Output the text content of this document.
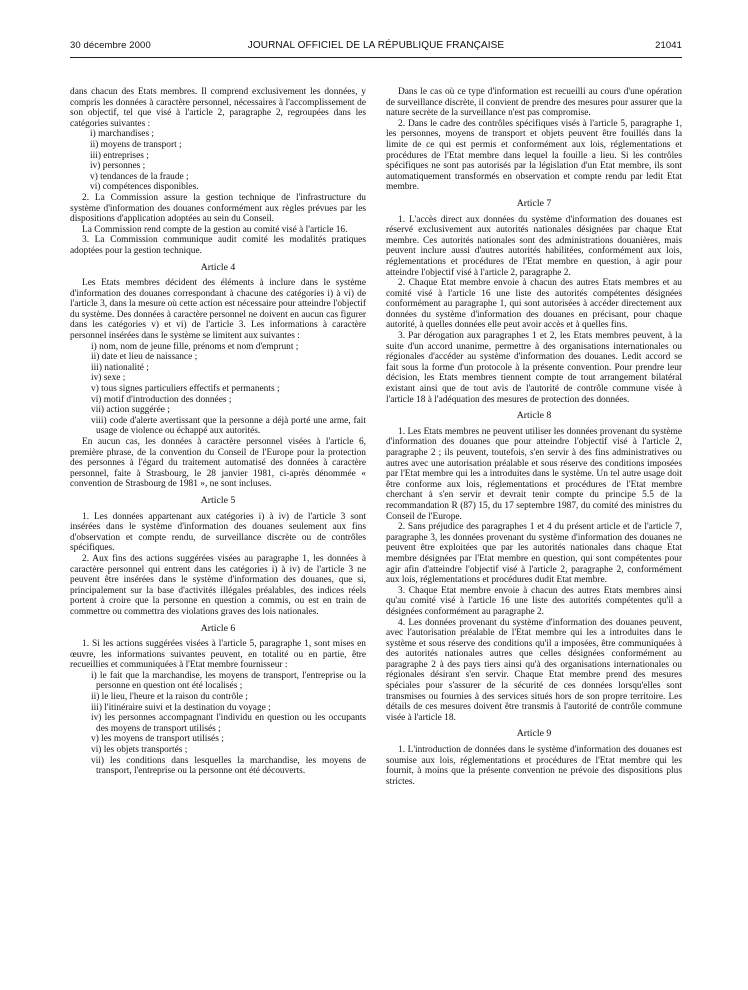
30 décembre 2000	JOURNAL OFFICIEL DE LA RÉPUBLIQUE FRANÇAISE	21041

dans chacun des Etats membres. Il comprend exclusivement les données, y compris les données à caractère personnel, nécessaires à l'accomplissement de son objectif, tel que visé à l'article 2, paragraphe 2, regroupées dans les catégories suivantes :

i) marchandises ;

ii) moyens de transport ;

iii) entreprises ;

iv) personnes ;

v) tendances de la fraude ;

vi) compétences disponibles.

2. La Commission assure la gestion technique de l'infrastructure du système d'information des douanes conformément aux règles prévues par les dispositions d'application adoptées au sein du Conseil.

La Commission rend compte de la gestion au comité visé à l'article 16.

3. La Commission communique audit comité les modalités pratiques adoptées pour la gestion technique.

Article 4

Les Etats membres décident des éléments à inclure dans le système d'information des douanes correspondant à chacune des catégories i) à vi) de l'article 3, dans la mesure où cette action est nécessaire pour atteindre l'objectif du système. Des données à caractère personnel ne doivent en aucun cas figurer dans les catégories v) et vi) de l'article 3. Les informations à caractère personnel insérées dans le système se limitent aux suivantes :

i) nom, nom de jeune fille, prénoms et nom d'emprunt ;

ii) date et lieu de naissance ;

iii) nationalité ;

iv) sexe ;

v) tous signes particuliers effectifs et permanents ;

vi) motif d'introduction des données ;

vii) action suggérée ;

viii) code d'alerte avertissant que la personne a déjà porté une arme, fait usage de violence ou échappé aux autorités.

En aucun cas, les données à caractère personnel visées à l'article 6, première phrase, de la convention du Conseil de l'Europe pour la protection des personnes à l'égard du traitement automatisé des données à caractère personnel, faite à Strasbourg, le 28 janvier 1981, ci-après dénommée « convention de Strasbourg de 1981 », ne sont incluses.

Article 5

1. Les données appartenant aux catégories i) à iv) de l'article 3 sont insérées dans le système d'information des douanes seulement aux fins d'observation et compte rendu, de surveillance discrète ou de contrôles spécifiques.

2. Aux fins des actions suggérées visées au paragraphe 1, les données à caractère personnel qui entrent dans les catégories i) à iv) de l'article 3 ne peuvent être insérées dans le système d'information des douanes, que si, principalement sur la base d'activités illégales préalables, des indices réels portent à croire que la personne en question a commis, ou est en train de commettre ou commettra des violations graves des lois nationales.

Article 6

1. Si les actions suggérées visées à l'article 5, paragraphe 1, sont mises en œuvre, les informations suivantes peuvent, en totalité ou en partie, être recueillies et communiquées à l'Etat membre fournisseur :

i) le fait que la marchandise, les moyens de transport, l'entreprise ou la personne en question ont été localisés ;

ii) le lieu, l'heure et la raison du contrôle ;

iii) l'itinéraire suivi et la destination du voyage ;

iv) les personnes accompagnant l'individu en question ou les occupants des moyens de transport utilisés ;

v) les moyens de transport utilisés ;

vi) les objets transportés ;

vii) les conditions dans lesquelles la marchandise, les moyens de transport, l'entreprise ou la personne ont été découverts.

Dans le cas où ce type d'information est recueilli au cours d'une opération de surveillance discrète, il convient de prendre des mesures pour assurer que la nature secrète de la surveillance n'est pas compromise.

2. Dans le cadre des contrôles spécifiques visés à l'article 5, paragraphe 1, les personnes, moyens de transport et objets peuvent être fouillés dans la limite de ce qui est permis et conformément aux lois, réglementations et procédures de l'Etat membre dans lequel la fouille a lieu. Si les contrôles spécifiques ne sont pas autorisés par la législation d'un Etat membre, ils sont automatiquement transformés en observation et compte rendu par ledit Etat membre.

Article 7

1. L'accès direct aux données du système d'information des douanes est réservé exclusivement aux autorités nationales désignées par chaque Etat membre. Ces autorités nationales sont des administrations douanières, mais peuvent inclure aussi d'autres autorités habilitées, conformément aux lois, réglementations et procédures de l'Etat membre en question, à agir pour atteindre l'objectif visé à l'article 2, paragraphe 2.

2. Chaque Etat membre envoie à chacun des autres Etats membres et au comité visé à l'article 16 une liste des autorités compétentes désignées conformément au paragraphe 1, qui sont autorisées à accéder directement aux données du système d'information des douanes en précisant, pour chaque autorité, à quelles données elle peut avoir accès et à quelles fins.

3. Par dérogation aux paragraphes 1 et 2, les Etats membres peuvent, à la suite d'un accord unanime, permettre à des organisations internationales ou régionales d'accéder au système d'information des douanes. Ledit accord se fait sous la forme d'un protocole à la présente convention. Pour prendre leur décision, les Etats membres tiennent compte de tout arrangement bilatéral existant ainsi que de tout avis de l'autorité de contrôle commune visée à l'article 18 à l'adéquation des mesures de protection des données.

Article 8

1. Les Etats membres ne peuvent utiliser les données provenant du système d'information des douanes que pour atteindre l'objectif visé à l'article 2, paragraphe 2 ; ils peuvent, toutefois, s'en servir à des fins administratives ou autres avec une autorisation préalable et sous réserve des conditions imposées par l'Etat membre qui les a introduites dans le système. Un tel autre usage doit être conforme aux lois, réglementations et procédures de l'Etat membre cherchant à s'en servir et devrait tenir compte du principe 5.5 de la recommandation R (87) 15, du 17 septembre 1987, du comité des ministres du Conseil de l'Europe.

2. Sans préjudice des paragraphes 1 et 4 du présent article et de l'article 7, paragraphe 3, les données provenant du système d'information des douanes ne peuvent être exploitées que par les autorités nationales dans chaque Etat membre désignées par l'Etat membre en question, qui sont compétentes pour agir afin d'atteindre l'objectif visé à l'article 2, paragraphe 2, conformément aux lois, réglementations et procédures dudit Etat membre.

3. Chaque Etat membre envoie à chacun des autres Etats membres ainsi qu'au comité visé à l'article 16 une liste des autorités compétentes qu'il a désignées conformément au paragraphe 2.

4. Les données provenant du système d'information des douanes peuvent, avec l'autorisation préalable de l'Etat membre qui les a introduites dans le système et sous réserve des conditions qu'il a imposées, être communiquées à des autorités nationales autres que celles désignées conformément au paragraphe 2 à des pays tiers ainsi qu'à des organisations internationales ou régionales désirant s'en servir. Chaque Etat membre prend des mesures spéciales pour s'assurer de la sécurité de ces données lorsqu'elles sont transmises ou fournies à des services situés hors de son propre territoire. Les détails de ces mesures doivent être transmis à l'autorité de contrôle commune visée à l'article 18.

Article 9

1. L'introduction de données dans le système d'information des douanes est soumise aux lois, réglementations et procédures de l'Etat membre qui les fournit, à moins que la présente convention ne prévoie des dispositions plus strictes.
